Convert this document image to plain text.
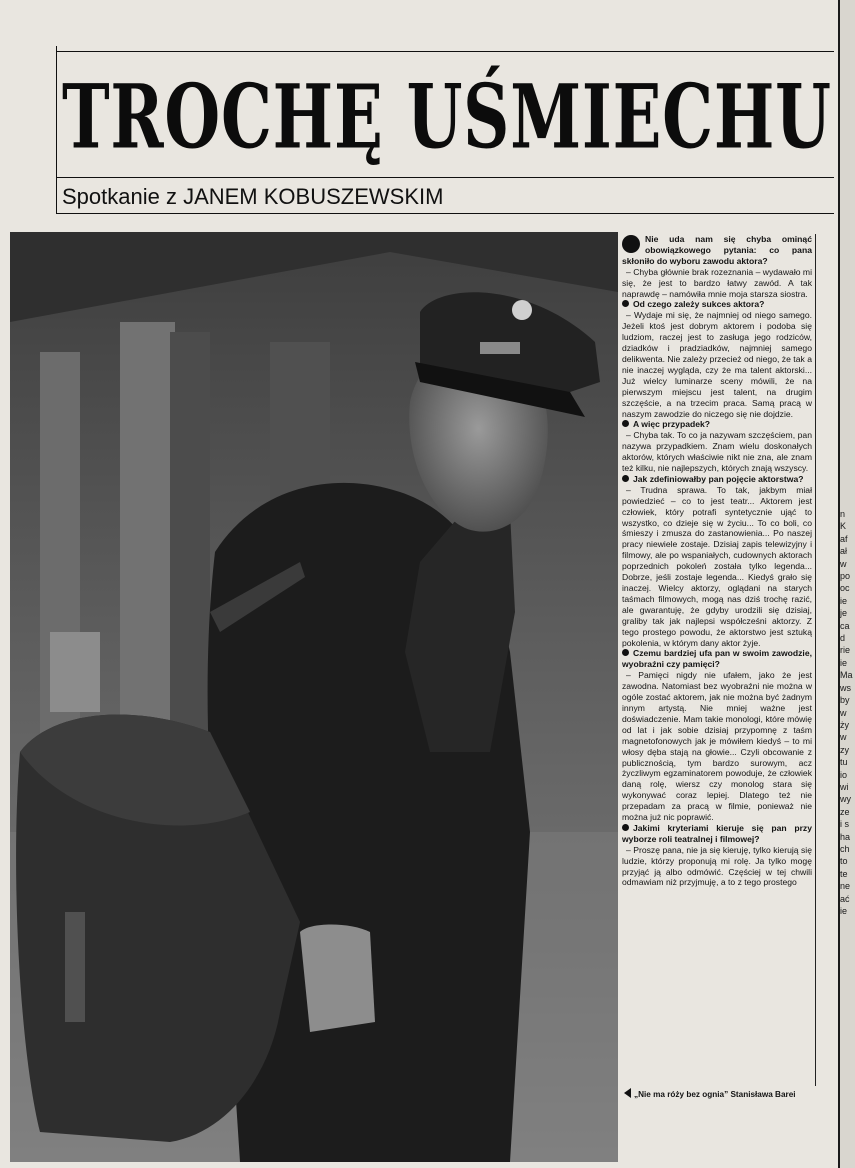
TROCHĘ UŚMIECHU
Spotkanie z JANEM KOBUSZEWSKIM

Nie uda nam się chyba ominąć obowiązkowego pytania: co pana skłoniło do wyboru zawodu aktora?

– Chyba głównie brak rozeznania – wydawało mi się, że jest to bardzo łatwy zawód. A tak naprawdę – namówiła mnie moja starsza siostra.

Od czego zależy sukces aktora?

– Wydaje mi się, że najmniej od niego samego. Jeżeli ktoś jest dobrym aktorem i podoba się ludziom, raczej jest to zasługa jego rodziców, dziadków i pradziadków, najmniej samego delikwenta. Nie zależy przecież od niego, że tak a nie inaczej wygląda, czy że ma talent aktorski... Już wielcy luminarze sceny mówili, że na pierwszym miejscu jest talent, na drugim szczęście, a na trzecim praca. Samą pracą w naszym zawodzie do niczego się nie dojdzie.

A więc przypadek?

– Chyba tak. To co ja nazywam szczęściem, pan nazywa przypadkiem. Znam wielu doskonałych aktorów, których właściwie nikt nie zna, ale znam też kilku, nie najlepszych, których znają wszyscy.

Jak zdefiniowałby pan pojęcie aktorstwa?

– Trudna sprawa. To tak, jakbym miał powiedzieć – co to jest teatr... Aktorem jest człowiek, który potrafi syntetycznie ująć to wszystko, co dzieje się w życiu... To co boli, co śmieszy i zmusza do zastanowienia... Po naszej pracy niewiele zostaje. Dzisiaj zapis telewizyjny i filmowy, ale po wspaniałych, cudownych aktorach poprzednich pokoleń została tylko legenda... Dobrze, jeśli zostaje legenda... Kiedyś grało się inaczej. Wielcy aktorzy, oglądani na starych taśmach filmowych, mogą nas dziś trochę razić, ale gwarantuję, że gdyby urodzili się dzisiaj, graliby tak jak najlepsi współcześni aktorzy. Z tego prostego powodu, że aktorstwo jest sztuką pokolenia, w którym dany aktor żyje.

Czemu bardziej ufa pan w swoim zawodzie, wyobraźni czy pamięci?

– Pamięci nigdy nie ufałem, jako że jest zawodna. Natomiast bez wyobraźni nie można w ogóle zostać aktorem, jak nie można być żadnym innym artystą. Nie mniej ważne jest doświadczenie. Mam takie monologi, które mówię od lat i jak sobie dzisiaj przypomnę z taśm magnetofonowych jak je mówiłem kiedyś – to mi włosy dęba stają na głowie... Czyli obcowanie z publicznością, tym bardzo surowym, acz życzliwym egzaminatorem powoduje, że człowiek daną rolę, wiersz czy monolog stara się wykonywać coraz lepiej. Dlatego też nie przepadam za pracą w filmie, ponieważ nie można już nic poprawić.

Jakimi kryteriami kieruje się pan przy wyborze roli teatralnej i filmowej?

– Proszę pana, nie ja się kieruję, tylko kierują się ludzie, którzy proponują mi rolę. Ja tylko mogę przyjąć ją albo odmówić. Częściej w tej chwili odmawiam niż przyjmuję, a to z tego prostego

„Nie ma róży bez ognia” Stanisława Barei
n
K
af
ał
w
po
oc
ie
je
ca
d
rie
ie
Ma
ws
by
w
ży
w
zy
tu
io
wi
wy
ze
i s
ha
ch
to
te
ne
ać
ie
